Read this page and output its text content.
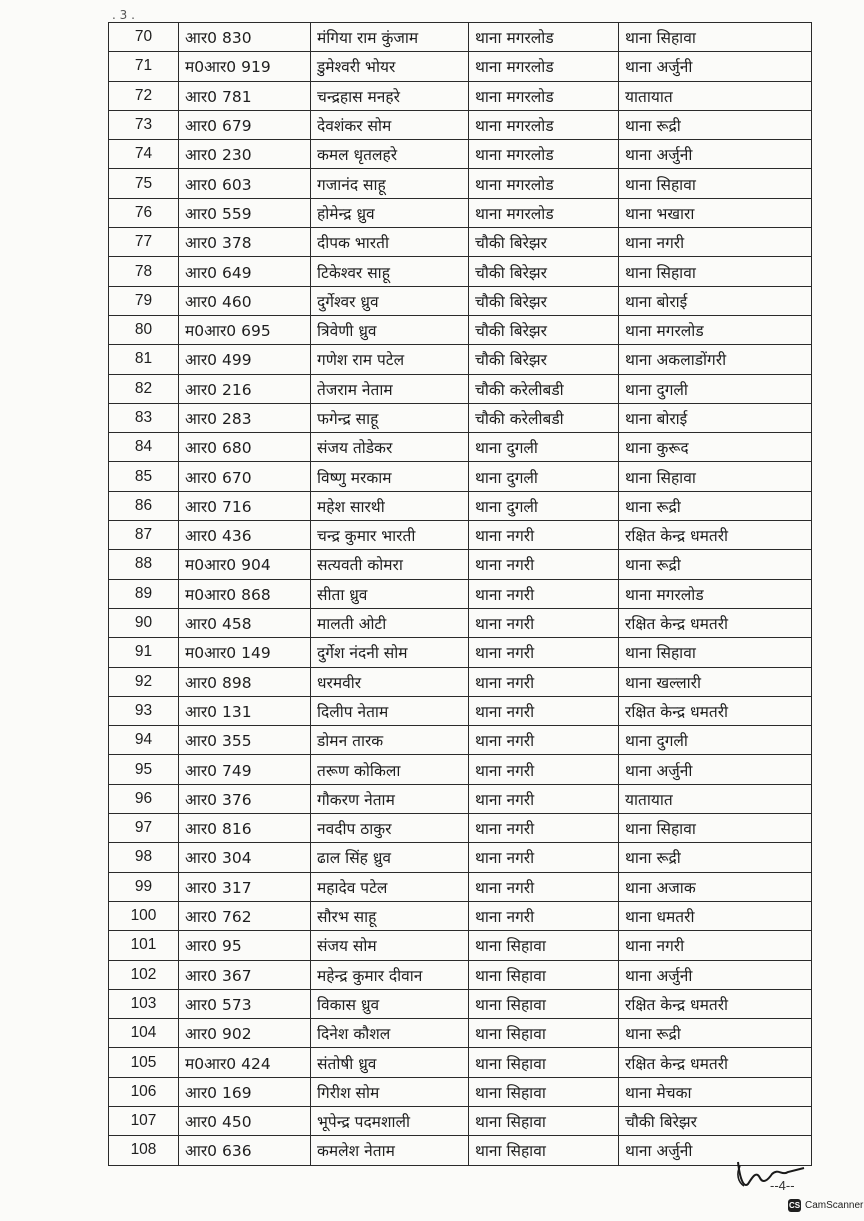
. 3 .
70	आर0 830	मंगिया राम कुंजाम	थाना मगरलोड	थाना सिहावा
71	म0आर0 919	डुमेश्वरी भोयर	थाना मगरलोड	थाना अर्जुनी
72	आर0 781	चन्द्रहास मनहरे	थाना मगरलोड	यातायात
73	आर0 679	देवशंकर सोम	थाना मगरलोड	थाना रूद्री
74	आर0 230	कमल धृतलहरे	थाना मगरलोड	थाना अर्जुनी
75	आर0 603	गजानंद साहू	थाना मगरलोड	थाना सिहावा
76	आर0 559	होमेन्द्र ध्रुव	थाना मगरलोड	थाना भखारा
77	आर0 378	दीपक भारती	चौकी बिरेझर	थाना नगरी
78	आर0 649	टिकेश्वर साहू	चौकी बिरेझर	थाना सिहावा
79	आर0 460	दुर्गेश्वर ध्रुव	चौकी बिरेझर	थाना बोराई
80	म0आर0 695	त्रिवेणी ध्रुव	चौकी बिरेझर	थाना मगरलोड
81	आर0 499	गणेश राम पटेल	चौकी बिरेझर	थाना अकलाडोंगरी
82	आर0 216	तेजराम नेताम	चौकी करेलीबडी	थाना दुगली
83	आर0 283	फगेन्द्र साहू	चौकी करेलीबडी	थाना बोराई
84	आर0 680	संजय तोडेकर	थाना दुगली	थाना कुरूद
85	आर0 670	विष्णु मरकाम	थाना दुगली	थाना सिहावा
86	आर0 716	महेश सारथी	थाना दुगली	थाना रूद्री
87	आर0 436	चन्द्र कुमार भारती	थाना नगरी	रक्षित केन्द्र धमतरी
88	म0आर0 904	सत्यवती कोमरा	थाना नगरी	थाना रूद्री
89	म0आर0 868	सीता ध्रुव	थाना नगरी	थाना मगरलोड
90	आर0 458	मालती ओटी	थाना नगरी	रक्षित केन्द्र धमतरी
91	म0आर0 149	दुर्गेश नंदनी सोम	थाना नगरी	थाना सिहावा
92	आर0 898	धरमवीर	थाना नगरी	थाना खल्लारी
93	आर0 131	दिलीप नेताम	थाना नगरी	रक्षित केन्द्र धमतरी
94	आर0 355	डोमन तारक	थाना नगरी	थाना दुगली
95	आर0 749	तरूण कोकिला	थाना नगरी	थाना अर्जुनी
96	आर0 376	गौकरण नेताम	थाना नगरी	यातायात
97	आर0 816	नवदीप ठाकुर	थाना नगरी	थाना सिहावा
98	आर0 304	ढाल सिंह ध्रुव	थाना नगरी	थाना रूद्री
99	आर0 317	महादेव पटेल	थाना नगरी	थाना अजाक
100	आर0 762	सौरभ साहू	थाना नगरी	थाना धमतरी
101	आर0 95	संजय सोम	थाना सिहावा	थाना नगरी
102	आर0 367	महेन्द्र कुमार दीवान	थाना सिहावा	थाना अर्जुनी
103	आर0 573	विकास ध्रुव	थाना सिहावा	रक्षित केन्द्र धमतरी
104	आर0 902	दिनेश कौशल	थाना सिहावा	थाना रूद्री
105	म0आर0 424	संतोषी ध्रुव	थाना सिहावा	रक्षित केन्द्र धमतरी
106	आर0 169	गिरीश सोम	थाना सिहावा	थाना मेचका
107	आर0 450	भूपेन्द्र पदमशाली	थाना सिहावा	चौकी बिरेझर
108	आर0 636	कमलेश नेताम	थाना सिहावा	थाना अर्जुनी
--4--
CS CamScanner
